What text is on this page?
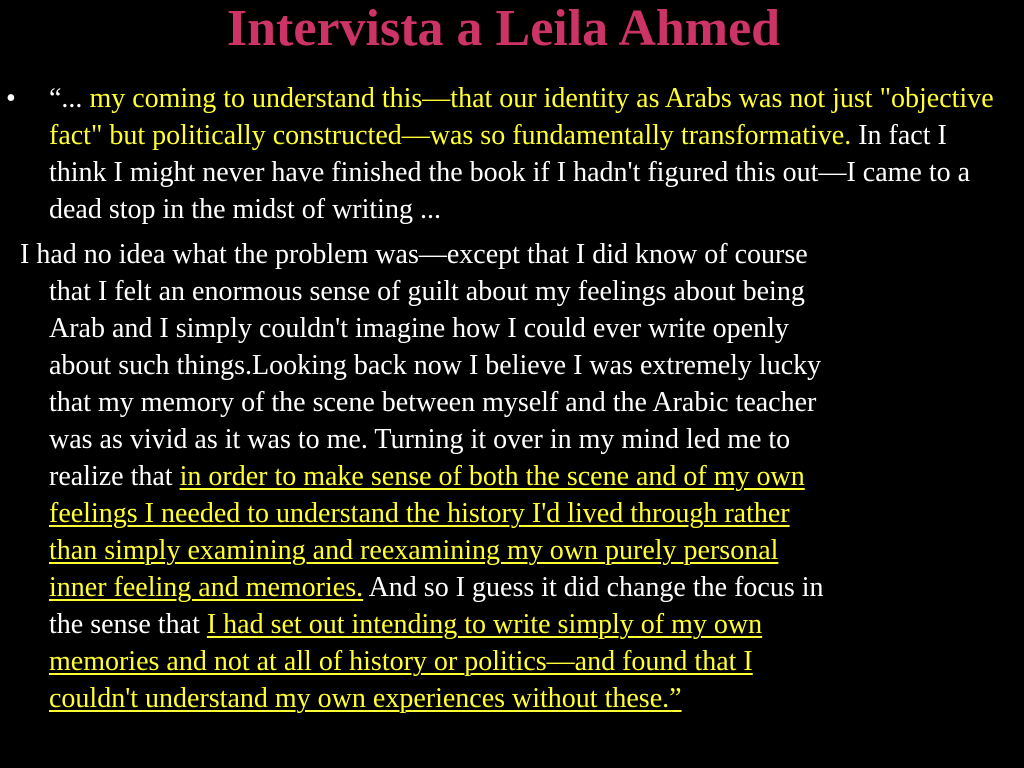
Intervista a Leila Ahmed

•	“... my coming to understand this—that our identity as Arabs was not just "objective fact" but politically constructed—was so fundamentally transformative. In fact I think I might never have finished the book if I hadn't figured this out—I came to a dead stop in the midst of writing ...

I had no idea what the problem was—except that I did know of course
that I felt an enormous sense of guilt about my feelings about being
Arab and I simply couldn't imagine how I could ever write openly
about such things.Looking back now I believe I was extremely lucky
that my memory of the scene between myself and the Arabic teacher
was as vivid as it was to me. Turning it over in my mind led me to
realize that in order to make sense of both the scene and of my own
feelings I needed to understand the history I'd lived through rather
than simply examining and reexamining my own purely personal
inner feeling and memories. And so I guess it did change the focus in
the sense that I had set out intending to write simply of my own
memories and not at all of history or politics—and found that I
couldn't understand my own experiences without these.”
